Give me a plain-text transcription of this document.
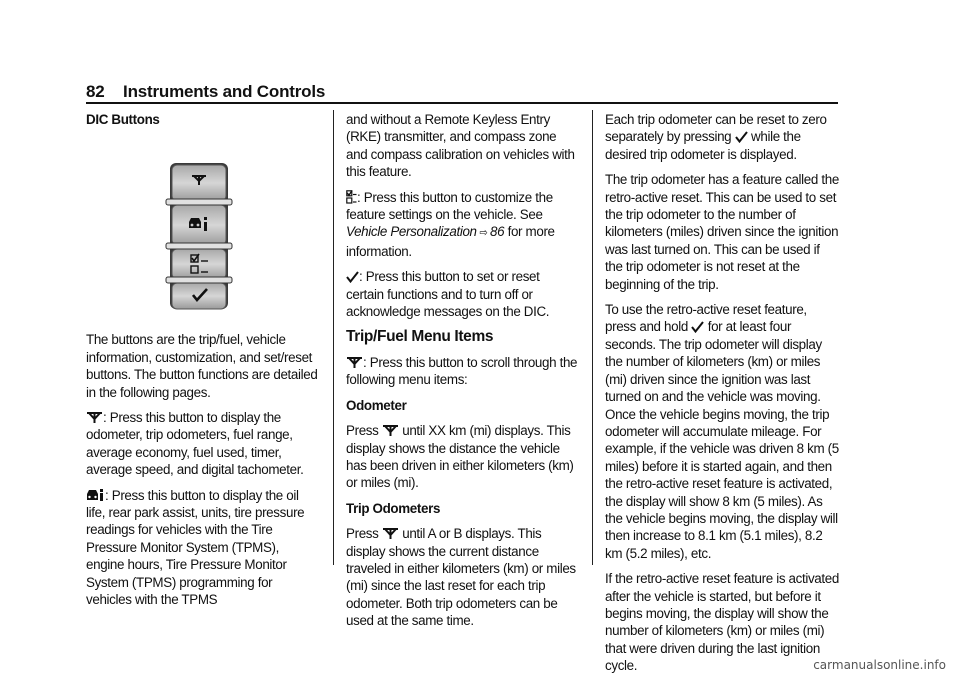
82 Instruments and Controls
DIC Buttons

The buttons are the trip/fuel, vehicle information, customization, and set/reset buttons. The button functions are detailed in the following pages.

: Press this button to display the odometer, trip odometers, fuel range, average economy, fuel used, timer, average speed, and digital tachometer.

: Press this button to display the oil life, rear park assist, units, tire pressure readings for vehicles with the Tire Pressure Monitor System (TPMS), engine hours, Tire Pressure Monitor System (TPMS) programming for vehicles with the TPMS

and without a Remote Keyless Entry (RKE) transmitter, and compass zone and compass calibration on vehicles with this feature.

: Press this button to customize the feature settings on the vehicle. See Vehicle Personalization ⇨ 86 for more information.

: Press this button to set or reset certain functions and to turn off or acknowledge messages on the DIC.

Trip/Fuel Menu Items

: Press this button to scroll through the following menu items:

Odometer

Press
until XX km (mi) displays. This display shows the distance the vehicle has been driven in either kilometers (km) or miles (mi).

Trip Odometers

Press
until A or B displays. This display shows the current distance traveled in either kilometers (km) or miles (mi) since the last reset for each trip odometer. Both trip odometers can be used at the same time.

Each trip odometer can be reset to zero separately by pressing
while the desired trip odometer is displayed.

The trip odometer has a feature called the retro-active reset. This can be used to set the trip odometer to the number of kilometers (miles) driven since the ignition was last turned on. This can be used if the trip odometer is not reset at the beginning of the trip.

To use the retro-active reset feature, press and hold
for at least four seconds. The trip odometer will display the number of kilometers (km) or miles (mi) driven since the ignition was last turned on and the vehicle was moving. Once the vehicle begins moving, the trip odometer will accumulate mileage. For example, if the vehicle was driven 8 km (5 miles) before it is started again, and then the retro-active reset feature is activated, the display will show 8 km (5 miles). As the vehicle begins moving, the display will then increase to 8.1 km (5.1 miles), 8.2 km (5.2 miles), etc.

If the retro-active reset feature is activated after the vehicle is started, but before it begins moving, the display will show the number of kilometers (km) or miles (mi) that were driven during the last ignition cycle.	carmanualsonline.info
